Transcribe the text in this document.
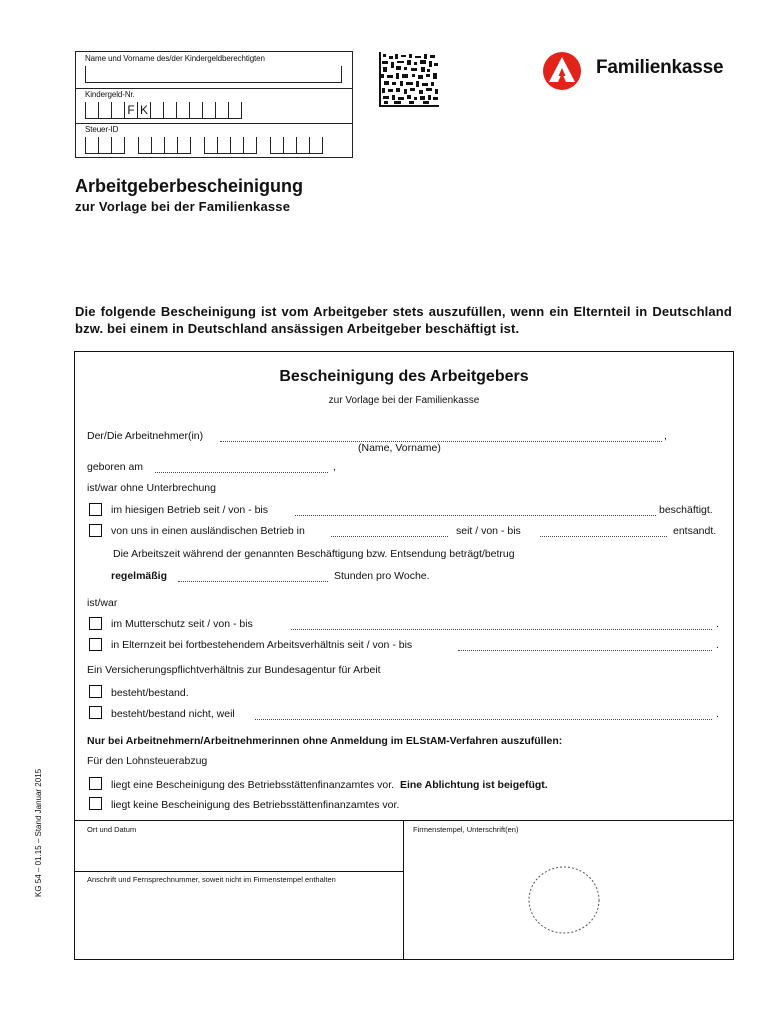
Name und Vorname des/der Kindergeldberechtigten
Kindergeld-Nr.
F K
Steuer-ID
Familienkasse
Arbeitgeberbescheinigung
zur Vorlage bei der Familienkasse
Die folgende Bescheinigung ist vom Arbeitgeber stets auszufüllen, wenn ein Elternteil in Deutschland bzw. bei einem in Deutschland ansässigen Arbeitgeber beschäftigt ist.
Bescheinigung des Arbeitgebers
zur Vorlage bei der Familienkasse
Der/Die Arbeitnehmer(in)	,
(Name, Vorname)
geboren am	,
ist/war ohne Unterbrechung
im hiesigen Betrieb seit / von - bis	beschäftigt.
von uns in einen ausländischen Betrieb in	seit / von - bis	entsandt.
Die Arbeitszeit während der genannten Beschäftigung bzw. Entsendung beträgt/betrug
regelmäßig	Stunden pro Woche.
ist/war
im Mutterschutz seit / von - bis	.
in Elternzeit bei fortbestehendem Arbeitsverhältnis seit / von - bis	.
Ein Versicherungspflichtverhältnis zur Bundesagentur für Arbeit
besteht/bestand.
besteht/bestand nicht, weil	.
Nur bei Arbeitnehmern/Arbeitnehmerinnen ohne Anmeldung im ELStAM-Verfahren auszufüllen:
Für den Lohnsteuerabzug
liegt eine Bescheinigung des Betriebsstättenfinanzamtes vor. Eine Ablichtung ist beigefügt.
liegt keine Bescheinigung des Betriebsstättenfinanzamtes vor.
Ort und Datum	Firmenstempel, Unterschrift(en)
Anschrift und Fernsprechnummer, soweit nicht im Firmenstempel enthalten
KG 54 – 01.15 – Stand Januar 2015
